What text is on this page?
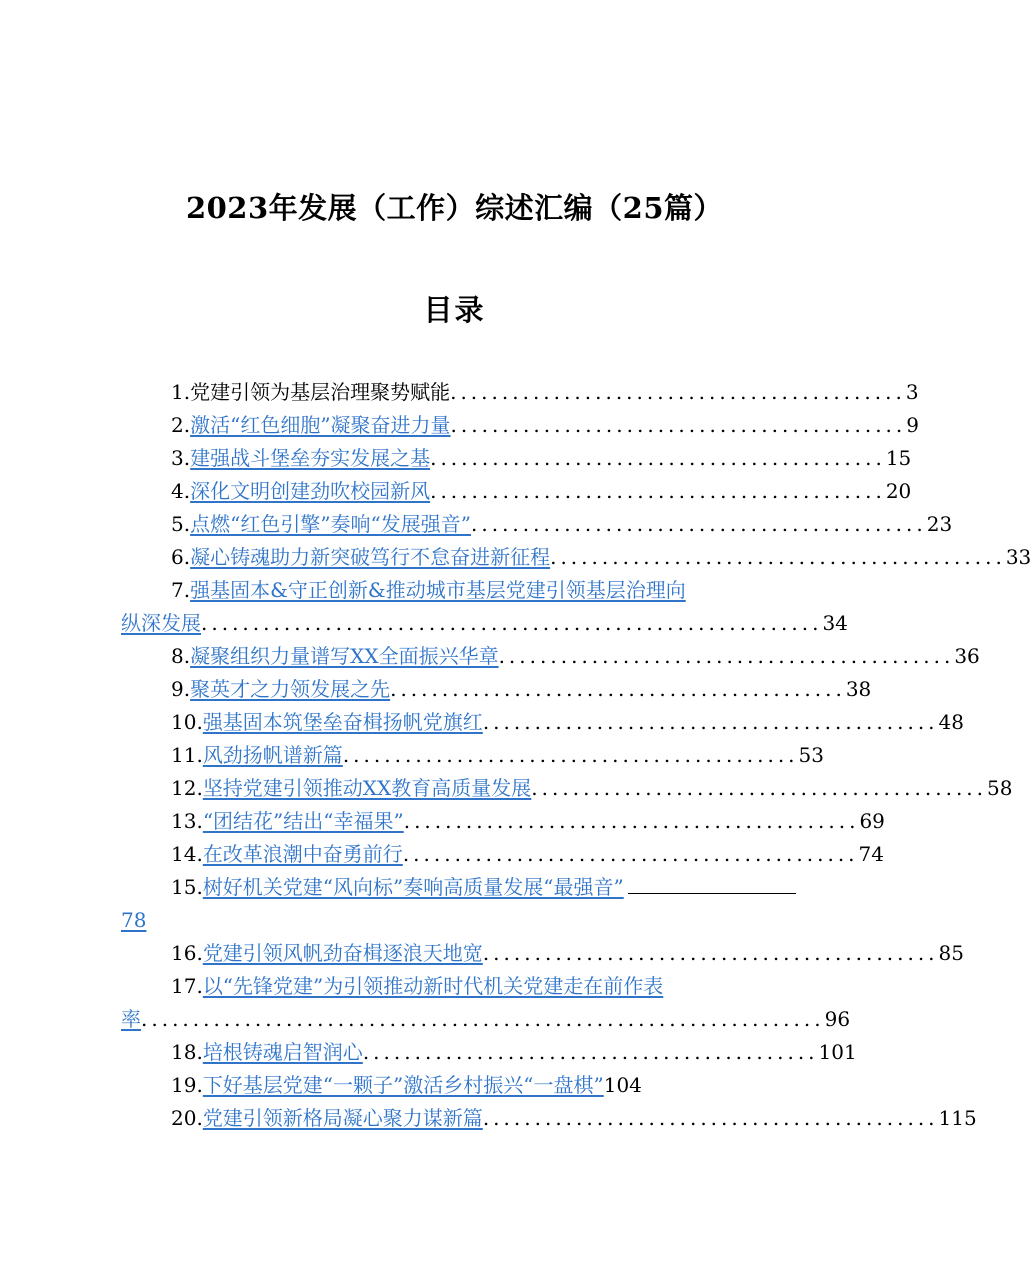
2023年发展（工作）综述汇编（25篇）
目录
1. 党建引领为基层治理聚势赋能 ............................................ 3
2. 激活“红色细胞”凝聚奋进力量 ............................................ 9
3. 建强战斗堡垒夯实发展之基 ............................................ 15
4. 深化文明创建劲吹校园新风 ............................................ 20
5. 点燃“红色引擎”奏响“发展强音” ............................................ 23
6. 凝心铸魂助力新突破笃行不怠奋进新征程 ............................................ 33
7. 强基固本&守正创新&推动城市基层党建引领基层治理向
纵深发展 ............................................................ 34
8. 凝聚组织力量谱写XX全面振兴华章 ............................................ 36
9. 聚英才之力领发展之先 ............................................ 38
10. 强基固本筑堡垒奋楫扬帆党旗红 ............................................ 48
11. 风劲扬帆谱新篇 ............................................ 53
12. 坚持党建引领推动XX教育高质量发展 ............................................ 58
13. “团结花”结出“幸福果” ............................................ 69
14. 在改革浪潮中奋勇前行 ............................................ 74
15. 树好机关党建“风向标”奏响高质量发展“最强音”
78
16. 党建引领风帆劲奋楫逐浪天地宽 ............................................ 85
17. 以“先锋党建”为引领推动新时代机关党建走在前作表
率 .................................................................. 96
18. 培根铸魂启智润心 ............................................ 101
19. 下好基层党建“一颗子”激活乡村振兴“一盘棋” 104
20. 党建引领新格局凝心聚力谋新篇 ............................................ 115
